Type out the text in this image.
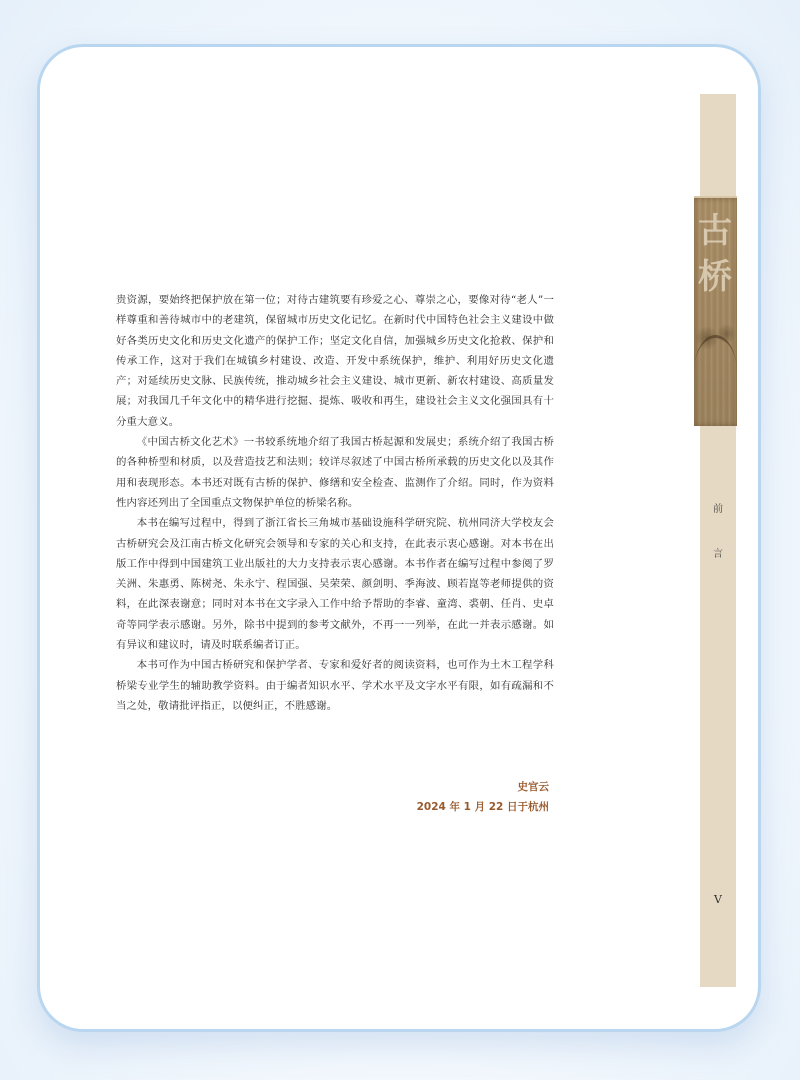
贵资源，要始终把保护放在第一位；对待古建筑要有珍爱之心、尊崇之心，要像对待“老人”一样尊重和善待城市中的老建筑，保留城市历史文化记忆。在新时代中国特色社会主义建设中做好各类历史文化和历史文化遗产的保护工作；坚定文化自信，加强城乡历史文化抢救、保护和传承工作，这对于我们在城镇乡村建设、改造、开发中系统保护，维护、利用好历史文化遗产；对延续历史文脉、民族传统，推动城乡社会主义建设、城市更新、新农村建设、高质量发展；对我国几千年文化中的精华进行挖掘、提炼、吸收和再生，建设社会主义文化强国具有十分重大意义。

《中国古桥文化艺术》一书较系统地介绍了我国古桥起源和发展史；系统介绍了我国古桥的各种桥型和材质，以及营造技艺和法则；较详尽叙述了中国古桥所承载的历史文化以及其作用和表现形态。本书还对既有古桥的保护、修缮和安全检查、监测作了介绍。同时，作为资料性内容还列出了全国重点文物保护单位的桥梁名称。

本书在编写过程中，得到了浙江省长三角城市基础设施科学研究院、杭州同济大学校友会古桥研究会及江南古桥文化研究会领导和专家的关心和支持，在此表示衷心感谢。对本书在出版工作中得到中国建筑工业出版社的大力支持表示衷心感谢。本书作者在编写过程中参阅了罗关洲、朱惠勇、陈树尧、朱永宁、程国强、吴荣荣、颜剑明、季海波、顾若崑等老师提供的资料，在此深表谢意；同时对本书在文字录入工作中给予帮助的李睿、童湾、裘朝、任肖、史卓奇等同学表示感谢。另外，除书中提到的参考文献外，不再一一列举，在此一并表示感谢。如有异议和建议时，请及时联系编者订正。

本书可作为中国古桥研究和保护学者、专家和爱好者的阅读资料，也可作为土木工程学科桥梁专业学生的辅助教学资料。由于编者知识水平、学术水平及文字水平有限，如有疏漏和不当之处，敬请批评指正，以便纠正，不胜感谢。

史官云
2024 年 1 月 22 日于杭州
古桥
前
言
V
